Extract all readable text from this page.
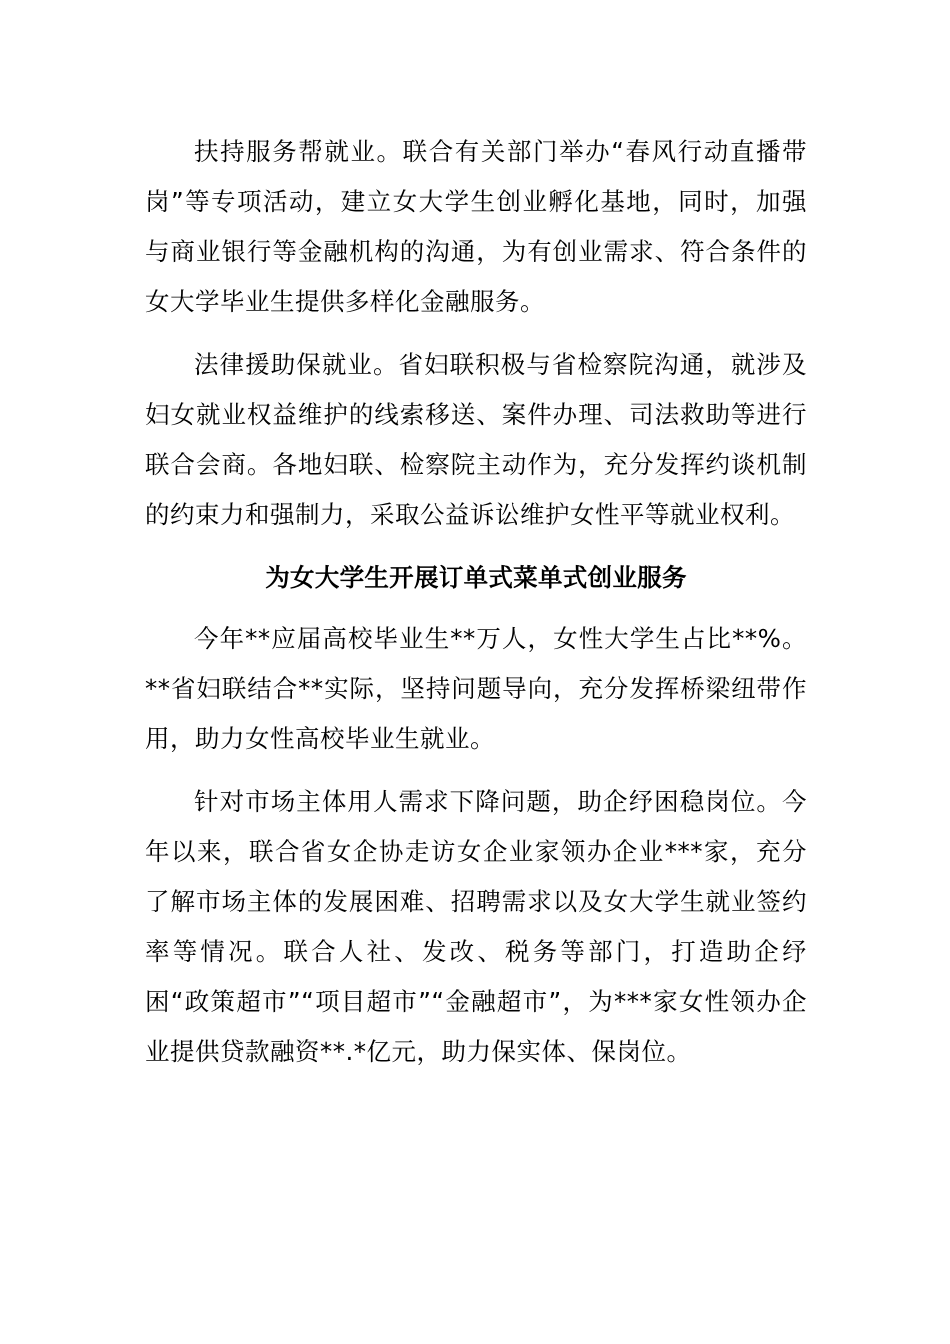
扶持服务帮就业。联合有关部门举办“春风行动直播带岗”等专项活动，建立女大学生创业孵化基地，同时，加强与商业银行等金融机构的沟通，为有创业需求、符合条件的女大学毕业生提供多样化金融服务。

法律援助保就业。省妇联积极与省检察院沟通，就涉及妇女就业权益维护的线索移送、案件办理、司法救助等进行联合会商。各地妇联、检察院主动作为，充分发挥约谈机制的约束力和强制力，采取公益诉讼维护女性平等就业权利。

为女大学生开展订单式菜单式创业服务

今年**应届高校毕业生**万人，女性大学生占比**%。**省妇联结合**实际，坚持问题导向，充分发挥桥梁纽带作用，助力女性高校毕业生就业。

针对市场主体用人需求下降问题，助企纾困稳岗位。今年以来，联合省女企协走访女企业家领办企业***家，充分了解市场主体的发展困难、招聘需求以及女大学生就业签约率等情况。联合人社、发改、税务等部门，打造助企纾困“政策超市”“项目超市”“金融超市”，为***家女性领办企业提供贷款融资**.*亿元，助力保实体、保岗位。
